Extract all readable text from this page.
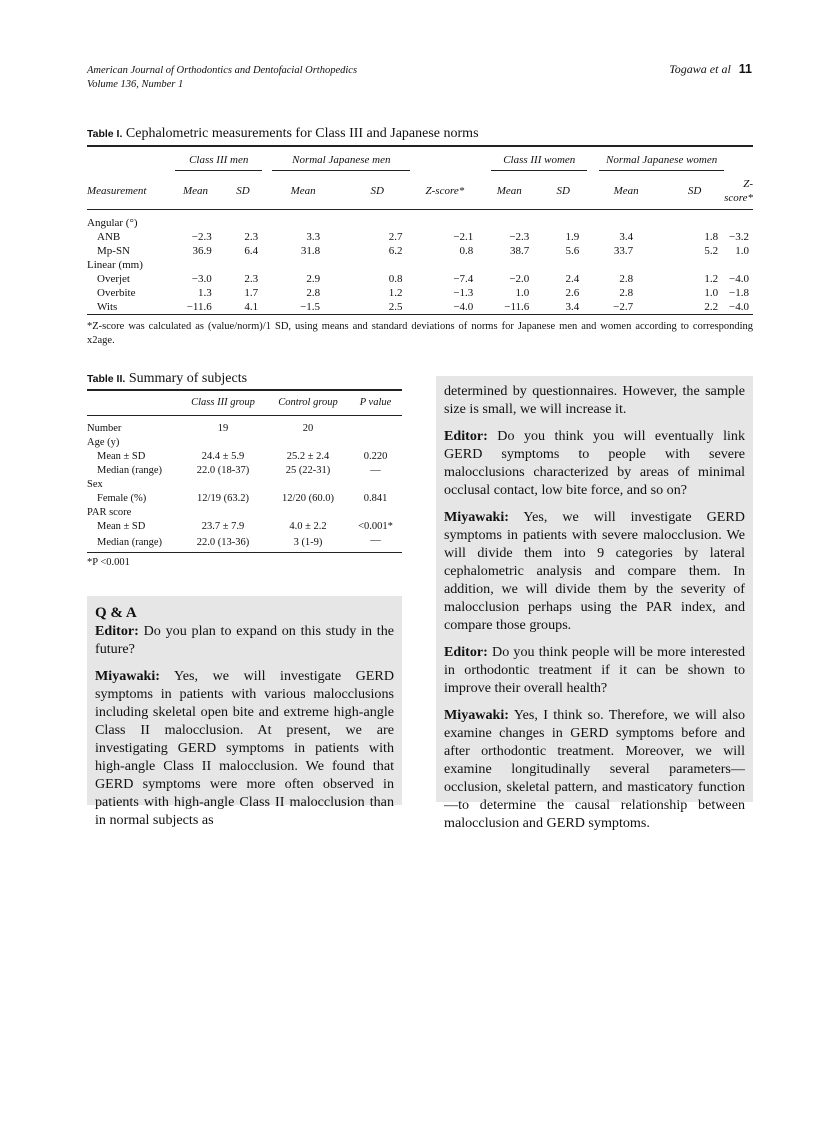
American Journal of Orthodontics and Dentofacial Orthopedics
Volume 136, Number 1
Togawa et al 11
Table I. Cephalometric measurements for Class III and Japanese norms

	Class III men		Normal Japanese men			Class III women		Normal Japanese women		

Measurement	Mean	SD	Mean	SD	Z-score*	Mean	SD	Mean	SD	Z-score*
Angular (°)										
ANB	−2.3	2.3	3.3	2.7	−2.1	−2.3	1.9	3.4	1.8	−3.2
Mp-SN	36.9	6.4	31.8	6.2	0.8	38.7	5.6	33.7	5.2	1.0
Linear (mm)										
Overjet	−3.0	2.3	2.9	0.8	−7.4	−2.0	2.4	2.8	1.2	−4.0
Overbite	1.3	1.7	2.8	1.2	−1.3	1.0	2.6	2.8	1.0	−1.8
Wits	−11.6	4.1	−1.5	2.5	−4.0	−11.6	3.4	−2.7	2.2	−4.0
*Z-score was calculated as (value/norm)/1 SD, using means and standard deviations of norms for Japanese men and women according to corresponding x2age.
Table II. Summary of subjects
	Class III group	Control group	P value
Number	19	20	
Age (y)			
Mean ± SD	24.4 ± 5.9	25.2 ± 2.4	0.220
Median (range)	22.0 (18-37)	25 (22-31)	—
Sex			
Female (%)	12/19 (63.2)	12/20 (60.0)	0.841
PAR score			
Mean ± SD	23.7 ± 7.9	4.0 ± 2.2	<0.001*
Median (range)	22.0 (13-36)	3 (1-9)	—
*P <0.001
Q & A

Editor: Do you plan to expand on this study in the future?

Miyawaki: Yes, we will investigate GERD symptoms in patients with various malocclusions including skeletal open bite and extreme high-angle Class II malocclusion. At present, we are investigating GERD symptoms in patients with high-angle Class II malocclusion. We found that GERD symptoms were more often observed in patients with high-angle Class II malocclusion than in normal subjects as

determined by questionnaires. However, the sample size is small, we will increase it.

Editor: Do you think you will eventually link GERD symptoms to people with severe malocclusions characterized by areas of minimal occlusal contact, low bite force, and so on?

Miyawaki: Yes, we will investigate GERD symptoms in patients with severe malocclusion. We will divide them into 9 categories by lateral cephalometric analysis and compare them. In addition, we will divide them by the severity of malocclusion perhaps using the PAR index, and compare those groups.

Editor: Do you think people will be more interested in orthodontic treatment if it can be shown to improve their overall health?

Miyawaki: Yes, I think so. Therefore, we will also examine changes in GERD symptoms before and after orthodontic treatment. Moreover, we will examine longitudinally several parameters—occlusion, skeletal pattern, and masticatory function—to determine the causal relationship between malocclusion and GERD symptoms.
